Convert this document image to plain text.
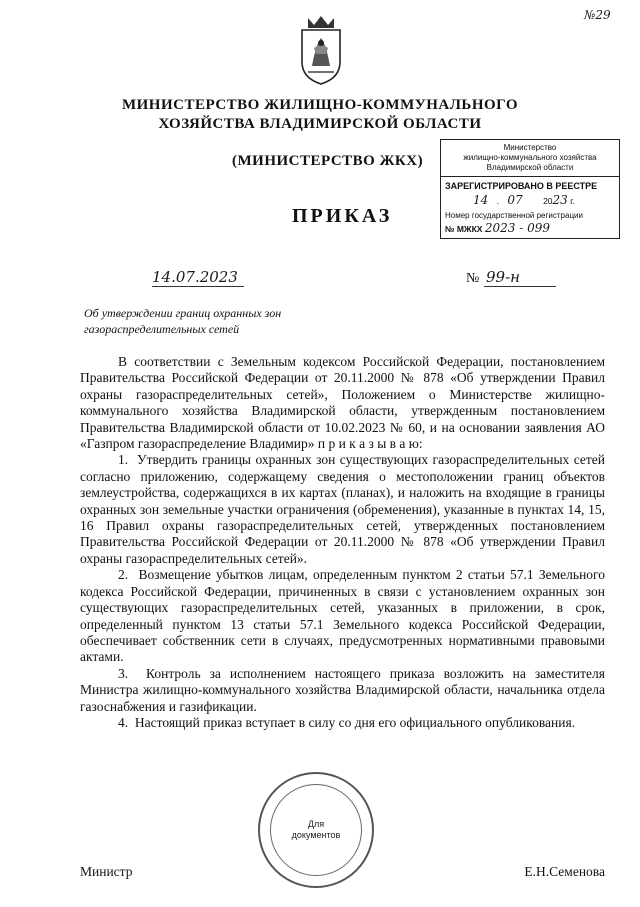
№29
МИНИСТЕРСТВО ЖИЛИЩНО-КОММУНАЛЬНОГО
ХОЗЯЙСТВА ВЛАДИМИРСКОЙ ОБЛАСТИ
(МИНИСТЕРСТВО ЖКХ)
ПРИКАЗ
Министерство
жилищно-коммунального хозяйства
Владимирской области
ЗАРЕГИСТРИРОВАНО В РЕЕСТРЕ
14 . 07 2023 г.
Номер государственной регистрации
№ МЖКХ 2023 - 099
14.07.2023	№ 99-н
Об утверждении границ охранных зон
газораспределительных сетей

В соответствии с Земельным кодексом Российской Федерации, постановлением Правительства Российской Федерации от 20.11.2000 № 878 «Об утверждении Правил охраны газораспределительных сетей», Положением о Министерстве жилищно-коммунального хозяйства Владимирской области, утвержденным постановлением Правительства Владимирской области от 10.02.2023 № 60, и на основании заявления АО «Газпром газораспределение Владимир» п р и к а з ы в а ю:

1.  Утвердить границы охранных зон существующих газораспределительных сетей согласно приложению, содержащему сведения о местоположении границ объектов землеустройства, содержащихся в их картах (планах), и наложить на входящие в границы охранных зон земельные участки ограничения (обременения), указанные в пунктах 14, 15, 16 Правил охраны газораспределительных сетей, утвержденных постановлением Правительства Российской Федерации от 20.11.2000 № 878 «Об утверждении Правил охраны газораспределительных сетей».

2.  Возмещение убытков лицам, определенным пунктом 2 статьи 57.1 Земельного кодекса Российской Федерации, причиненных в связи с установлением охранных зон существующих газораспределительных сетей, указанных в приложении, в срок, определенный пунктом 13 статьи 57.1 Земельного кодекса Российской Федерации, обеспечивает собственник сети в случаях, предусмотренных нормативными правовыми актами.

3.  Контроль за исполнением настоящего приказа возложить на заместителя Министра жилищно-коммунального хозяйства Владимирской области, начальника отдела газоснабжения и газификации.

4.  Настоящий приказ вступает в силу со дня его официального опубликования.

Для
документов
Министр	Е.Н.Семенова
